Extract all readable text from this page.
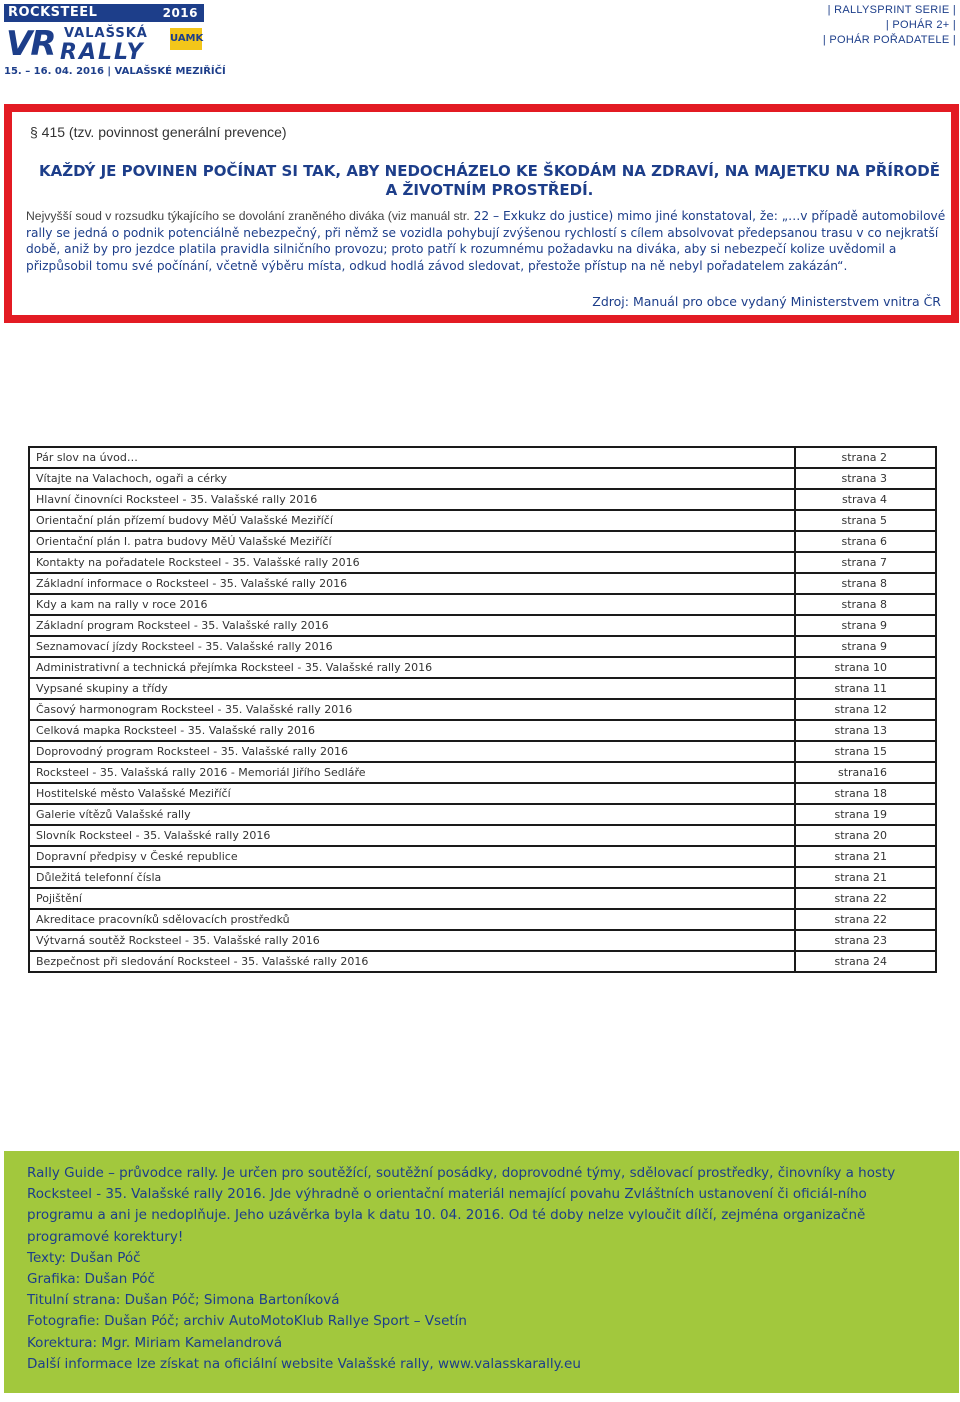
ROCKSTEEL	2016
VR VALAŠSKÁ
RALLY
UAMK
15. – 16. 04. 2016 | VALAŠSKÉ MEZIŘÍČÍ
| RALLYSPRINT SERIE |
| POHÁR 2+ |
| POHÁR POŘADATELE |
§ 415 (tzv. povinnost generální prevence)
KAŽDÝ JE POVINEN POČÍNAT SI TAK, ABY NEDOCHÁZELO KE ŠKODÁM NA ZDRAVÍ, NA MAJETKU NA PŘÍRODĚ A ŽIVOTNÍM PROSTŘEDÍ.
Nejvyšší soud v rozsudku týkajícího se dovolání zraněného diváka (viz manuál str. 22 – Exkukz do justice) mimo jiné konstatoval, že: „…v případě automobilové rally se jedná o podnik potenciálně nebezpečný, při němž se vozidla pohybují zvýšenou rychlostí s cílem absolvovat předepsanou trasu v co nejkratší době, aniž by pro jezdce platila pravidla silničního provozu; proto patří k rozumnému požadavku na diváka, aby si nebezpečí kolize uvědomil a přizpůsobil tomu své počínání, včetně výběru místa, odkud hodlá závod sledovat, přestože přístup na ně nebyl pořadatelem zakázán“.
Zdroj: Manuál pro obce vydaný Ministerstvem vnitra ČR
Pár slov na úvod…	strana 2
Vítajte na Valachoch, ogaři a cérky	strana 3
Hlavní činovníci Rocksteel - 35. Valašské rally 2016	strava 4
Orientační plán přízemí budovy MěÚ Valašské Meziříčí	strana 5
Orientační plán I. patra budovy MěÚ Valašské Meziříčí	strana 6
Kontakty na pořadatele Rocksteel - 35. Valašské rally 2016	strana 7
Základní informace o Rocksteel - 35. Valašské rally 2016	strana 8
Kdy a kam na rally v roce 2016	strana 8
Základní program Rocksteel - 35. Valašské rally 2016	strana 9
Seznamovací jízdy Rocksteel - 35. Valašské rally 2016	strana 9
Administrativní a technická přejímka Rocksteel - 35. Valašské rally 2016	strana 10
Vypsané skupiny a třídy	strana 11
Časový harmonogram Rocksteel - 35. Valašské rally 2016	strana 12
Celková mapka Rocksteel - 35. Valašské rally 2016	strana 13
Doprovodný program Rocksteel - 35. Valašské rally 2016	strana 15
Rocksteel - 35. Valašská rally 2016 - Memoriál Jiřího Sedláře	strana16
Hostitelské město Valašské Meziříčí	strana 18
Galerie vítězů Valašské rally	strana 19
Slovník Rocksteel - 35. Valašské rally 2016	strana 20
Dopravní předpisy v České republice	strana 21
Důležitá telefonní čísla	strana 21
Pojištění	strana 22
Akreditace pracovníků sdělovacích prostředků	strana 22
Výtvarná soutěž Rocksteel - 35. Valašské rally 2016	strana 23
Bezpečnost při sledování Rocksteel - 35. Valašské rally 2016	strana 24

Rally Guide – průvodce rally. Je určen pro soutěžící, soutěžní posádky, doprovodné týmy, sdělovací prostředky, činovníky a hosty Rocksteel - 35. Valašské rally 2016. Jde výhradně o orientační materiál nemající povahu Zvláštních ustanovení či oficiál-ního programu a ani je nedoplňuje. Jeho uzávěrka byla k datu 10. 04. 2016. Od té doby nelze vyloučit dílčí, zejména organizačně programové korektury!

Texty: Dušan Póč

Grafika: Dušan Póč

Titulní strana: Dušan Póč; Simona Bartoníková

Fotografie: Dušan Póč; archiv AutoMotoKlub Rallye Sport – Vsetín

Korektura: Mgr. Miriam Kamelandrová

Další informace lze získat na oficiální website Valašské rally, www.valasskarally.eu
